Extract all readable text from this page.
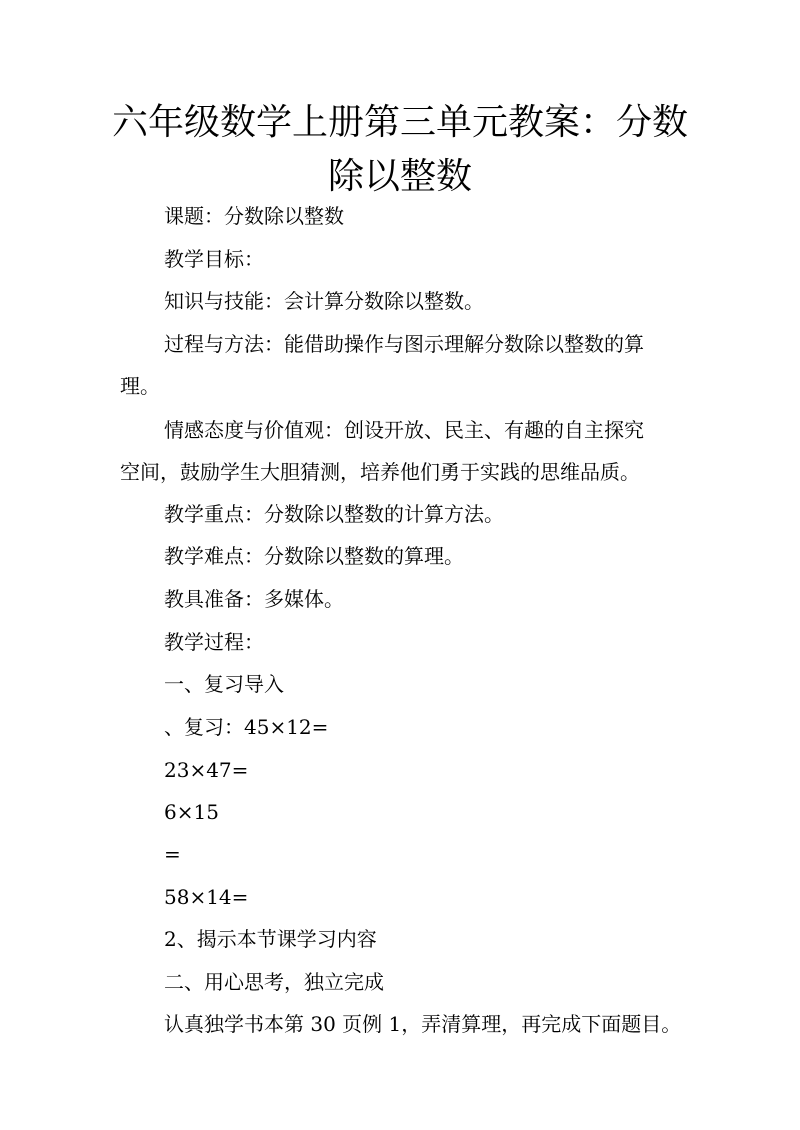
六年级数学上册第三单元教案：分数除以整数

课题：分数除以整数

教学目标：

知识与技能：会计算分数除以整数。

过程与方法：能借助操作与图示理解分数除以整数的算

理。

情感态度与价值观：创设开放、民主、有趣的自主探究

空间，鼓励学生大胆猜测，培养他们勇于实践的思维品质。

教学重点：分数除以整数的计算方法。

教学难点：分数除以整数的算理。

教具准备：多媒体。

教学过程：

一、复习导入

、复习：45×12=

23×47=

6×15

=

58×14=

2、揭示本节课学习内容

二、用心思考，独立完成

认真独学书本第 30 页例 1，弄清算理，再完成下面题目。
